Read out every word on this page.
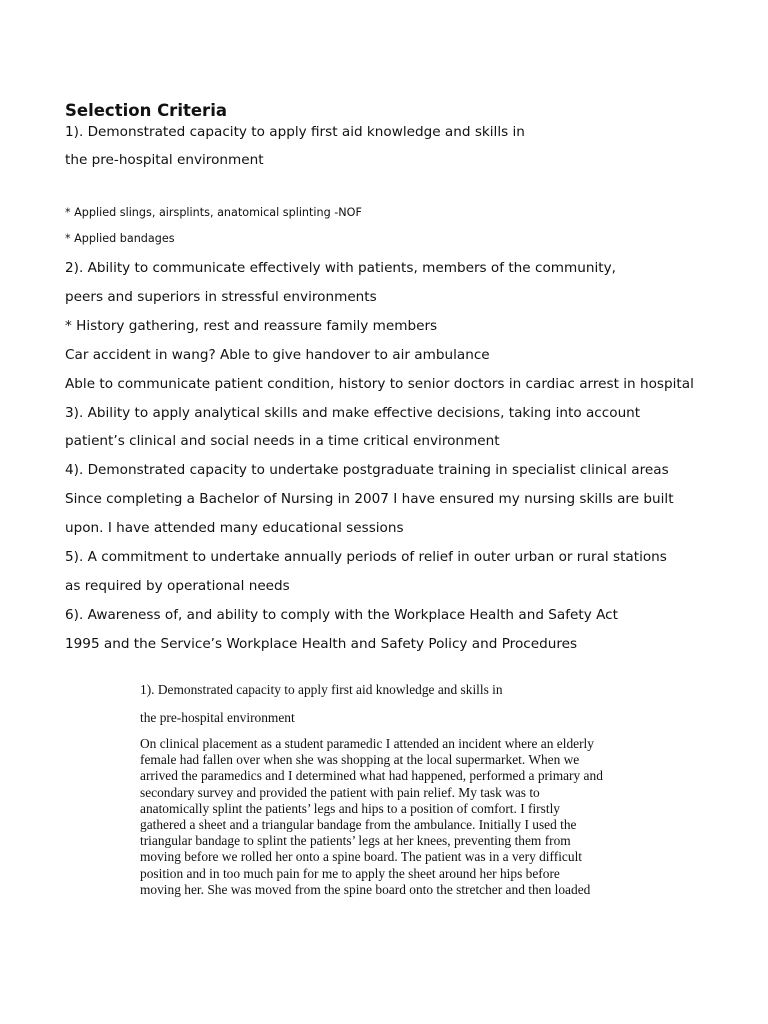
Selection Criteria

1). Demonstrated capacity to apply first aid knowledge and skills in

the pre-hospital environment

* Applied slings, airsplints, anatomical splinting -NOF

* Applied bandages

2). Ability to communicate effectively with patients, members of the community,

peers and superiors in stressful environments

* History gathering, rest and reassure family members

Car accident in wang? Able to give handover to air ambulance

Able to communicate patient condition, history to senior doctors in cardiac arrest in hospital

3). Ability to apply analytical skills and make effective decisions, taking into account

patient’s clinical and social needs in a time critical environment

4). Demonstrated capacity to undertake postgraduate training in specialist clinical areas

Since completing a Bachelor of Nursing in 2007 I have ensured my nursing skills are built

upon. I have attended many educational sessions

5). A commitment to undertake annually periods of relief in outer urban or rural stations

as required by operational needs

6). Awareness of, and ability to comply with the Workplace Health and Safety Act

1995 and the Service’s Workplace Health and Safety Policy and Procedures

1). Demonstrated capacity to apply first aid knowledge and skills in

the pre-hospital environment

On clinical placement as a student paramedic I attended an incident where an elderly
female had fallen over when she was shopping at the local supermarket. When we
arrived the paramedics and I determined what had happened, performed a primary and
secondary survey and provided the patient with pain relief. My task was to
anatomically splint the patients’ legs and hips to a position of comfort. I firstly
gathered a sheet and a triangular bandage from the ambulance. Initially I used the
triangular bandage to splint the patients’ legs at her knees, preventing them from
moving before we rolled her onto a spine board. The patient was in a very difficult
position and in too much pain for me to apply the sheet around her hips before
moving her. She was moved from the spine board onto the stretcher and then loaded
